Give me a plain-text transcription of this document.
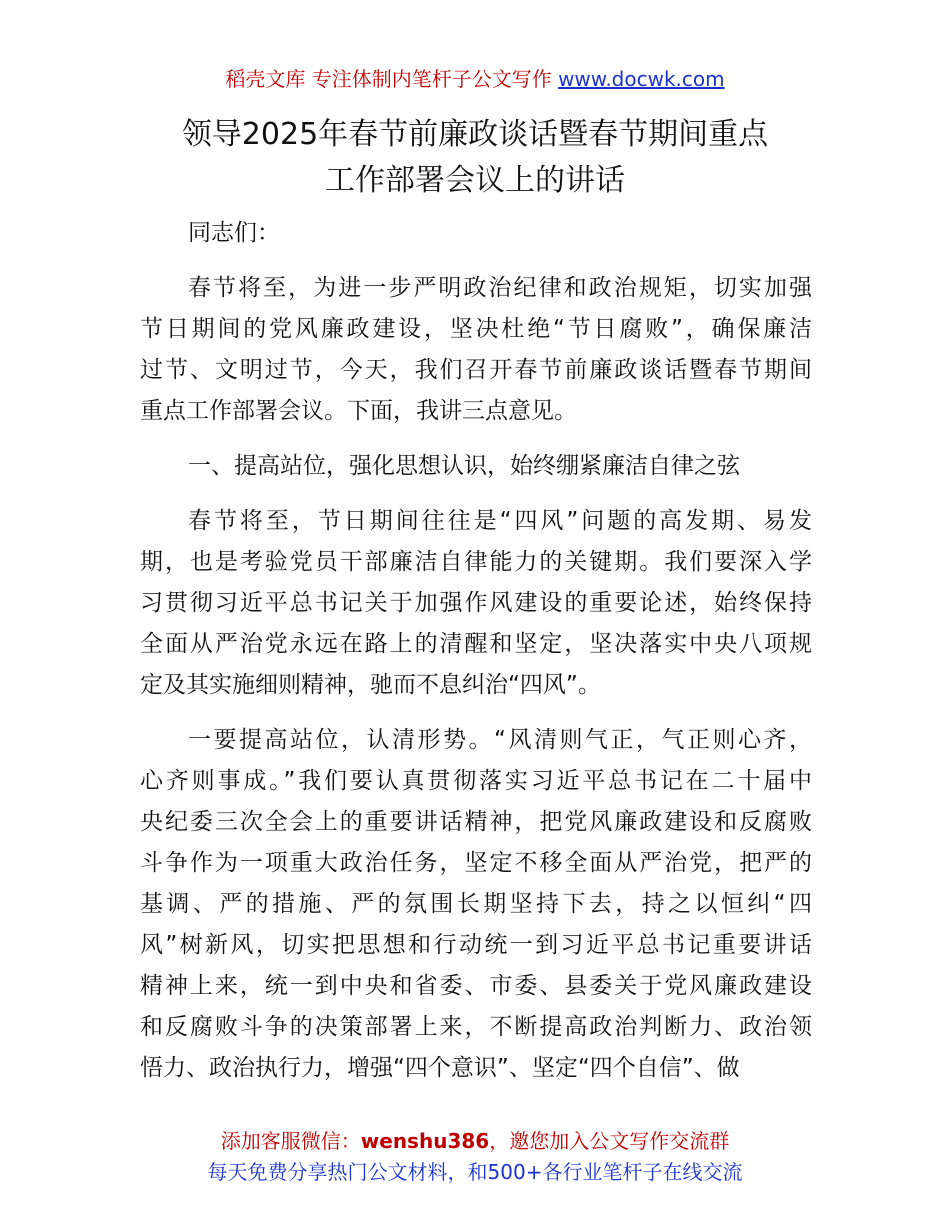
稻壳文库 专注体制内笔杆子公文写作 www.docwk.com
领导2025年春节前廉政谈话暨春节期间重点
工作部署会议上的讲话

同志们：

春节将至，为进一步严明政治纪律和政治规矩，切实加强
节日期间的党风廉政建设，坚决杜绝“节日腐败”，确保廉洁
过节、文明过节，今天，我们召开春节前廉政谈话暨春节期间
重点工作部署会议。下面，我讲三点意见。

一、提高站位，强化思想认识，始终绷紧廉洁自律之弦

春节将至，节日期间往往是“四风”问题的高发期、易发
期，也是考验党员干部廉洁自律能力的关键期。我们要深入学
习贯彻习近平总书记关于加强作风建设的重要论述，始终保持
全面从严治党永远在路上的清醒和坚定，坚决落实中央八项规
定及其实施细则精神，驰而不息纠治“四风”。

一要提高站位，认清形势。“风清则气正，气正则心齐，
心齐则事成。”我们要认真贯彻落实习近平总书记在二十届中
央纪委三次全会上的重要讲话精神，把党风廉政建设和反腐败
斗争作为一项重大政治任务，坚定不移全面从严治党，把严的
基调、严的措施、严的氛围长期坚持下去，持之以恒纠“四
风”树新风，切实把思想和行动统一到习近平总书记重要讲话
精神上来，统一到中央和省委、市委、县委关于党风廉政建设
和反腐败斗争的决策部署上来，不断提高政治判断力、政治领
悟力、政治执行力，增强“四个意识”、坚定“四个自信”、做

添加客服微信：wenshu386，邀您加入公文写作交流群
每天免费分享热门公文材料，和500+各行业笔杆子在线交流
